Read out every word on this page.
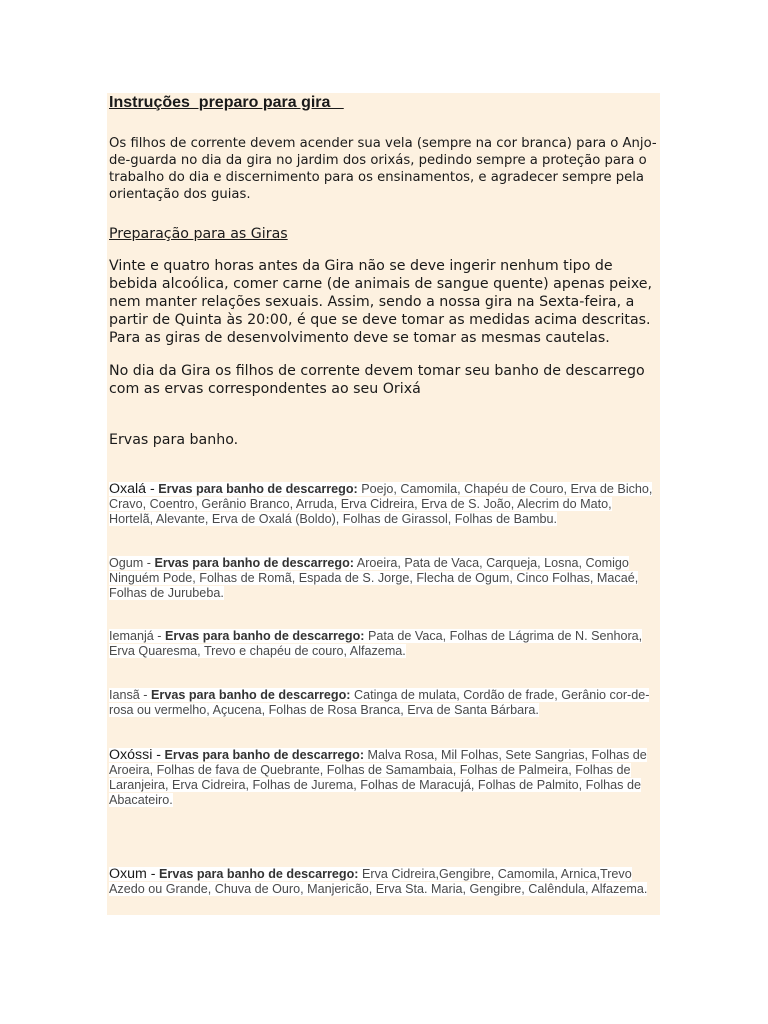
Instruções  preparo para gira

Os filhos de corrente devem acender sua vela (sempre na cor branca) para o Anjo-de-guarda no dia da gira no jardim dos orixás, pedindo sempre a proteção para o trabalho do dia e discernimento para os ensinamentos, e agradecer sempre pela orientação dos guias.

Preparação para as Giras

Vinte e quatro horas antes da Gira não se deve ingerir nenhum tipo de bebida alcoólica, comer carne (de animais de sangue quente) apenas peixe, nem manter relações sexuais. Assim, sendo a nossa gira na Sexta-feira, a partir de Quinta às 20:00, é que se deve tomar as medidas acima descritas. Para as giras de desenvolvimento deve se tomar as mesmas cautelas.

No dia da Gira os filhos de corrente devem tomar seu banho de descarrego com as ervas correspondentes ao seu Orixá

Ervas para banho.

Oxalá - Ervas para banho de descarrego: Poejo, Camomila, Chapéu de Couro, Erva de Bicho, Cravo, Coentro, Gerânio Branco, Arruda, Erva Cidreira, Erva de S. João, Alecrim do Mato, Hortelã, Alevante, Erva de Oxalá (Boldo), Folhas de Girassol, Folhas de Bambu.

Ogum - Ervas para banho de descarrego: Aroeira, Pata de Vaca, Carqueja, Losna, Comigo Ninguém Pode, Folhas de Romã, Espada de S. Jorge, Flecha de Ogum, Cinco Folhas, Macaé, Folhas de Jurubeba.

Iemanjá - Ervas para banho de descarrego: Pata de Vaca, Folhas de Lágrima de N. Senhora, Erva Quaresma, Trevo e chapéu de couro, Alfazema.

Iansã - Ervas para banho de descarrego: Catinga de mulata, Cordão de frade, Gerânio cor-de-rosa ou vermelho, Açucena, Folhas de Rosa Branca, Erva de Santa Bárbara.

Oxóssi - Ervas para banho de descarrego: Malva Rosa, Mil Folhas, Sete Sangrias, Folhas de Aroeira, Folhas de fava de Quebrante, Folhas de Samambaia, Folhas de Palmeira, Folhas de Laranjeira, Erva Cidreira, Folhas de Jurema, Folhas de Maracujá, Folhas de Palmito, Folhas de Abacateiro.

Oxum - Ervas para banho de descarrego: Erva Cidreira,Gengibre, Camomila, Arnica,Trevo Azedo ou Grande, Chuva de Ouro, Manjericão, Erva Sta. Maria, Gengibre, Calêndula, Alfazema.
